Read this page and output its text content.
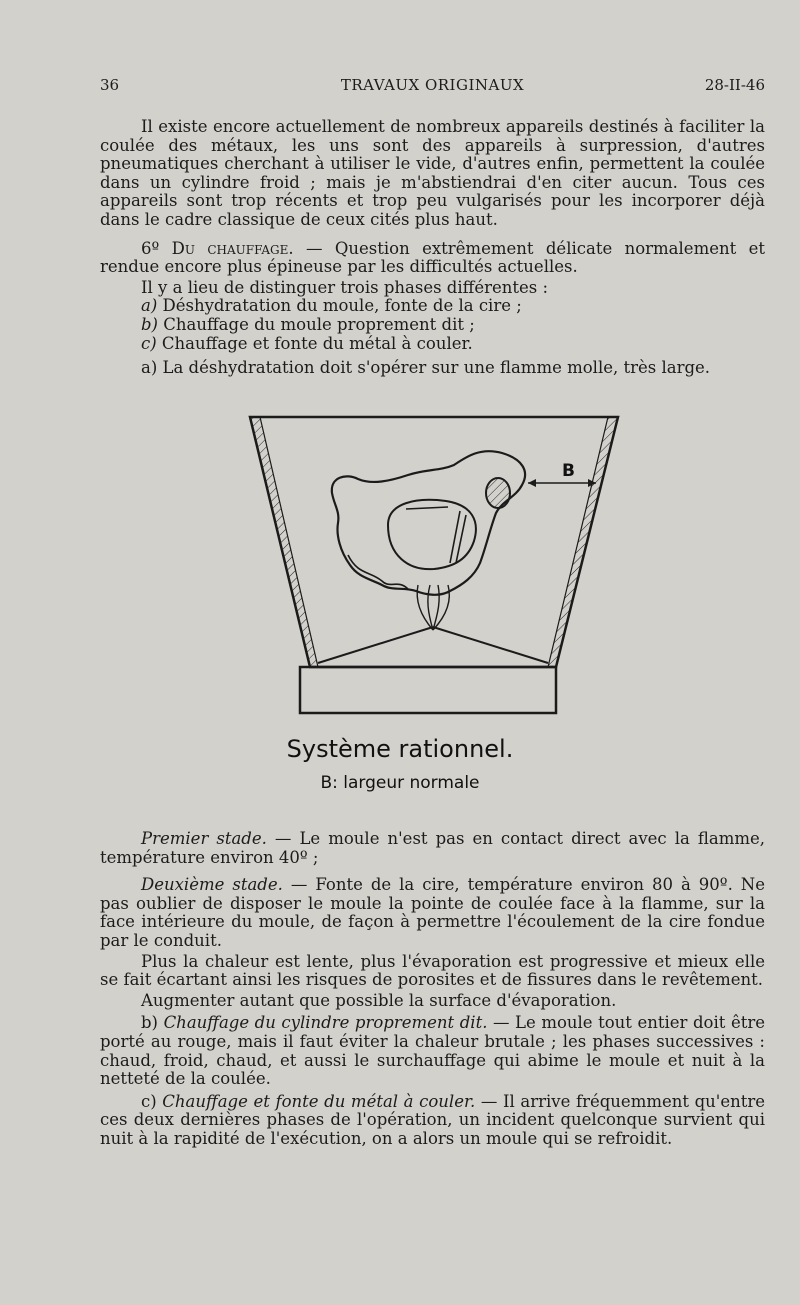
36	TRAVAUX ORIGINAUX	28-II-46

Il existe encore actuellement de nombreux appareils destinés à faciliter la coulée des métaux, les uns sont des appareils à surpression, d'autres pneumatiques cherchant à utiliser le vide, d'autres enfin, permettent la coulée dans un cylindre froid ; mais je m'abstiendrai d'en citer aucun. Tous ces appareils sont trop récents et trop peu vulgarisés pour les incorporer déjà dans le cadre classique de ceux cités plus haut.

6º Du chauffage. — Question extrêmement délicate normalement et rendue encore plus épineuse par les difficultés actuelles.

Il y a lieu de distinguer trois phases différentes :

a) Déshydratation du moule, fonte de la cire ;

b) Chauffage du moule proprement dit ;

c) Chauffage et fonte du métal à couler.

a) La déshydratation doit s'opérer sur une flamme molle, très large.

B
Système rationnel.
B: largeur normale

Premier stade. — Le moule n'est pas en contact direct avec la flamme, température environ 40º ;

Deuxième stade. — Fonte de la cire, température environ 80 à 90º. Ne pas oublier de disposer le moule la pointe de coulée face à la flamme, sur la face intérieure du moule, de façon à permettre l'écoulement de la cire fondue par le conduit.

Plus la chaleur est lente, plus l'évaporation est progressive et mieux elle se fait écartant ainsi les risques de porosites et de fissures dans le revêtement.

Augmenter autant que possible la surface d'évaporation.

b) Chauffage du cylindre proprement dit. — Le moule tout entier doit être porté au rouge, mais il faut éviter la chaleur brutale ; les phases successives : chaud, froid, chaud, et aussi le surchauffage qui abime le moule et nuit à la netteté de la coulée.

c) Chauffage et fonte du métal à couler. — Il arrive fréquemment qu'entre ces deux dernières phases de l'opération, un incident quelconque survient qui nuit à la rapidité de l'exécution, on a alors un moule qui se refroidit.
